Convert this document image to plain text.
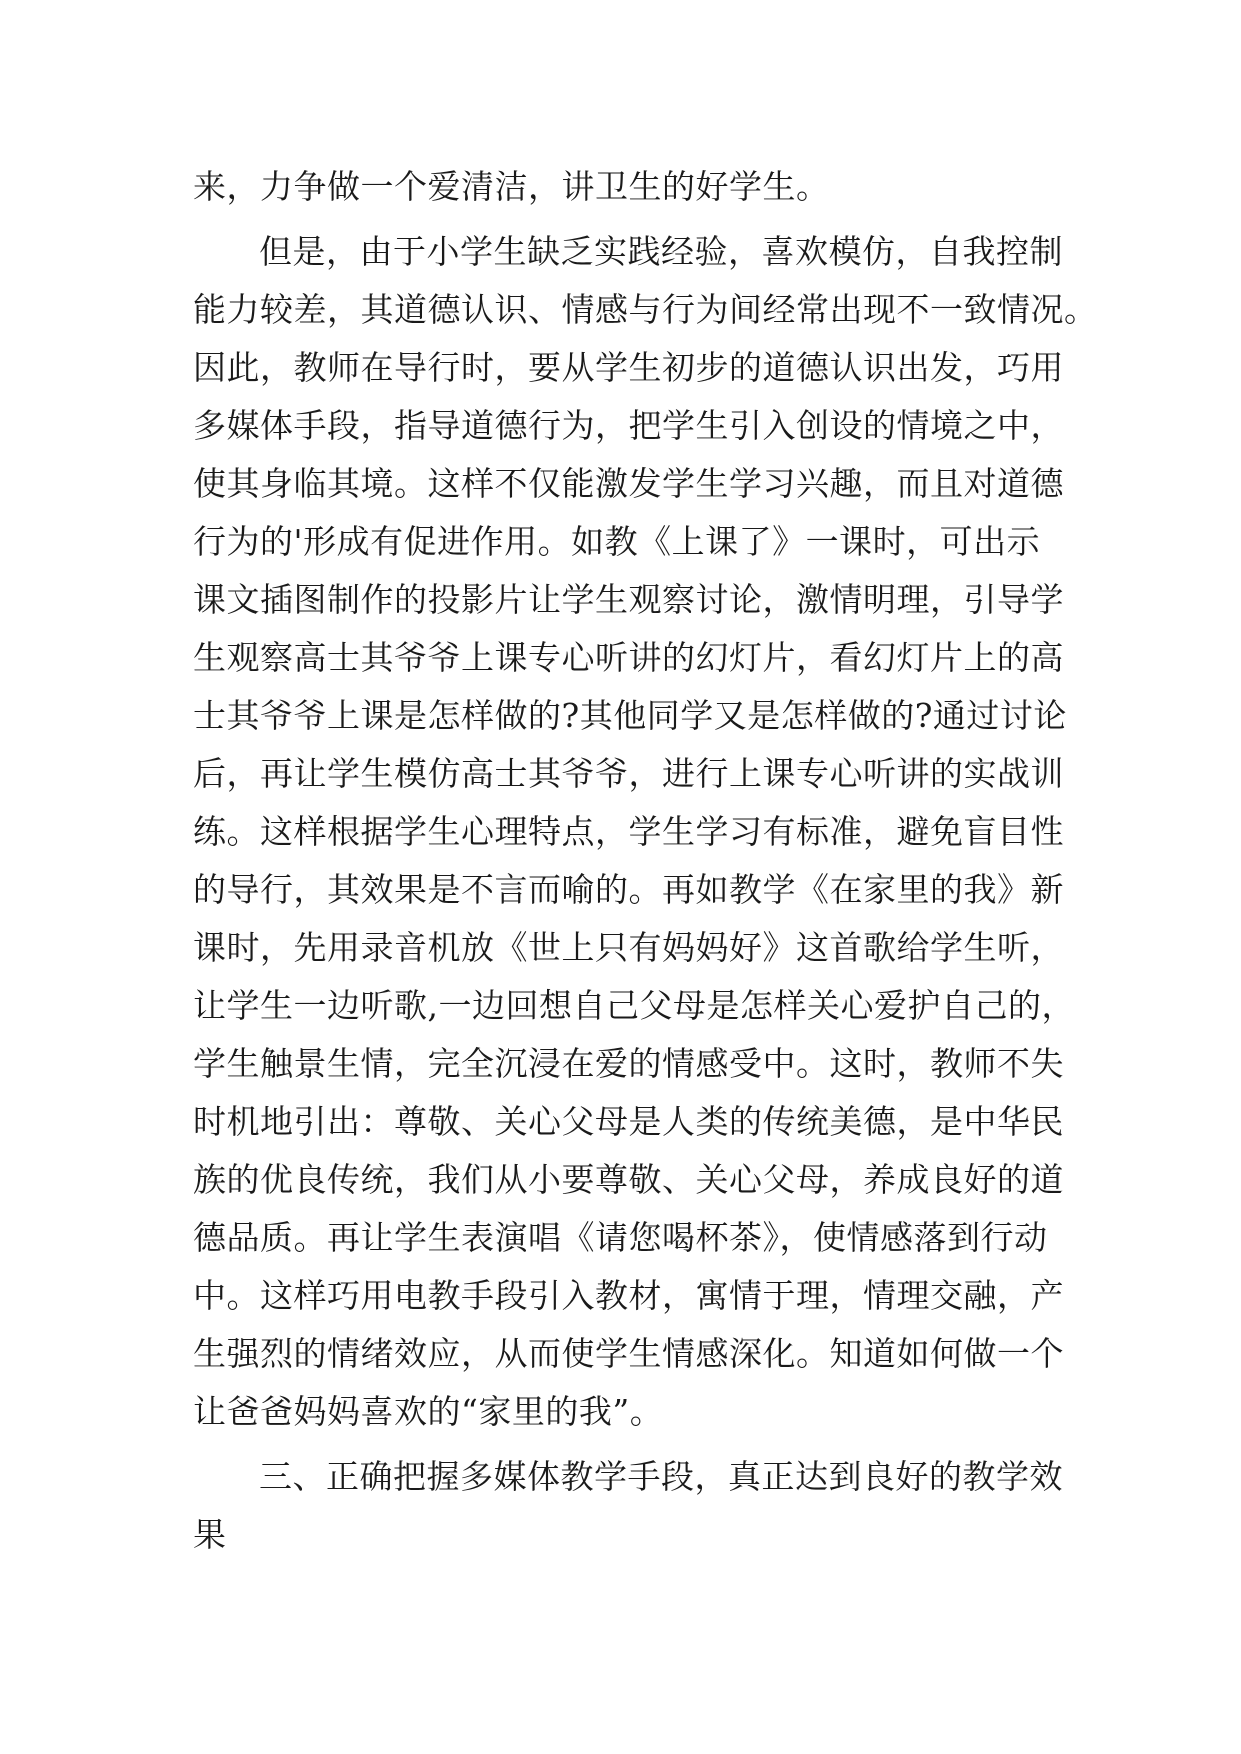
来，力争做一个爱清洁，讲卫生的好学生。
但是，由于小学生缺乏实践经验，喜欢模仿，自我控制
能力较差，其道德认识、情感与行为间经常出现不一致情况。
因此，教师在导行时，要从学生初步的道德认识出发，巧用
多媒体手段，指导道德行为，把学生引入创设的情境之中，
使其身临其境。这样不仅能激发学生学习兴趣，而且对道德
行为的'形成有促进作用。如教《上课了》一课时，可出示
课文插图制作的投影片让学生观察讨论，激情明理，引导学
生观察高士其爷爷上课专心听讲的幻灯片，看幻灯片上的高
士其爷爷上课是怎样做的?其他同学又是怎样做的?通过讨论
后，再让学生模仿高士其爷爷，进行上课专心听讲的实战训
练。这样根据学生心理特点，学生学习有标准，避免盲目性
的导行，其效果是不言而喻的。再如教学《在家里的我》新
课时，先用录音机放《世上只有妈妈好》这首歌给学生听，
让学生一边听歌,一边回想自己父母是怎样关心爱护自己的，
学生触景生情，完全沉浸在爱的情感受中。这时，教师不失
时机地引出：尊敬、关心父母是人类的传统美德，是中华民
族的优良传统，我们从小要尊敬、关心父母，养成良好的道
德品质。再让学生表演唱《请您喝杯茶》，使情感落到行动
中。这样巧用电教手段引入教材，寓情于理，情理交融，产
生强烈的情绪效应，从而使学生情感深化。知道如何做一个
让爸爸妈妈喜欢的“家里的我”。
三、正确把握多媒体教学手段，真正达到良好的教学效
果
